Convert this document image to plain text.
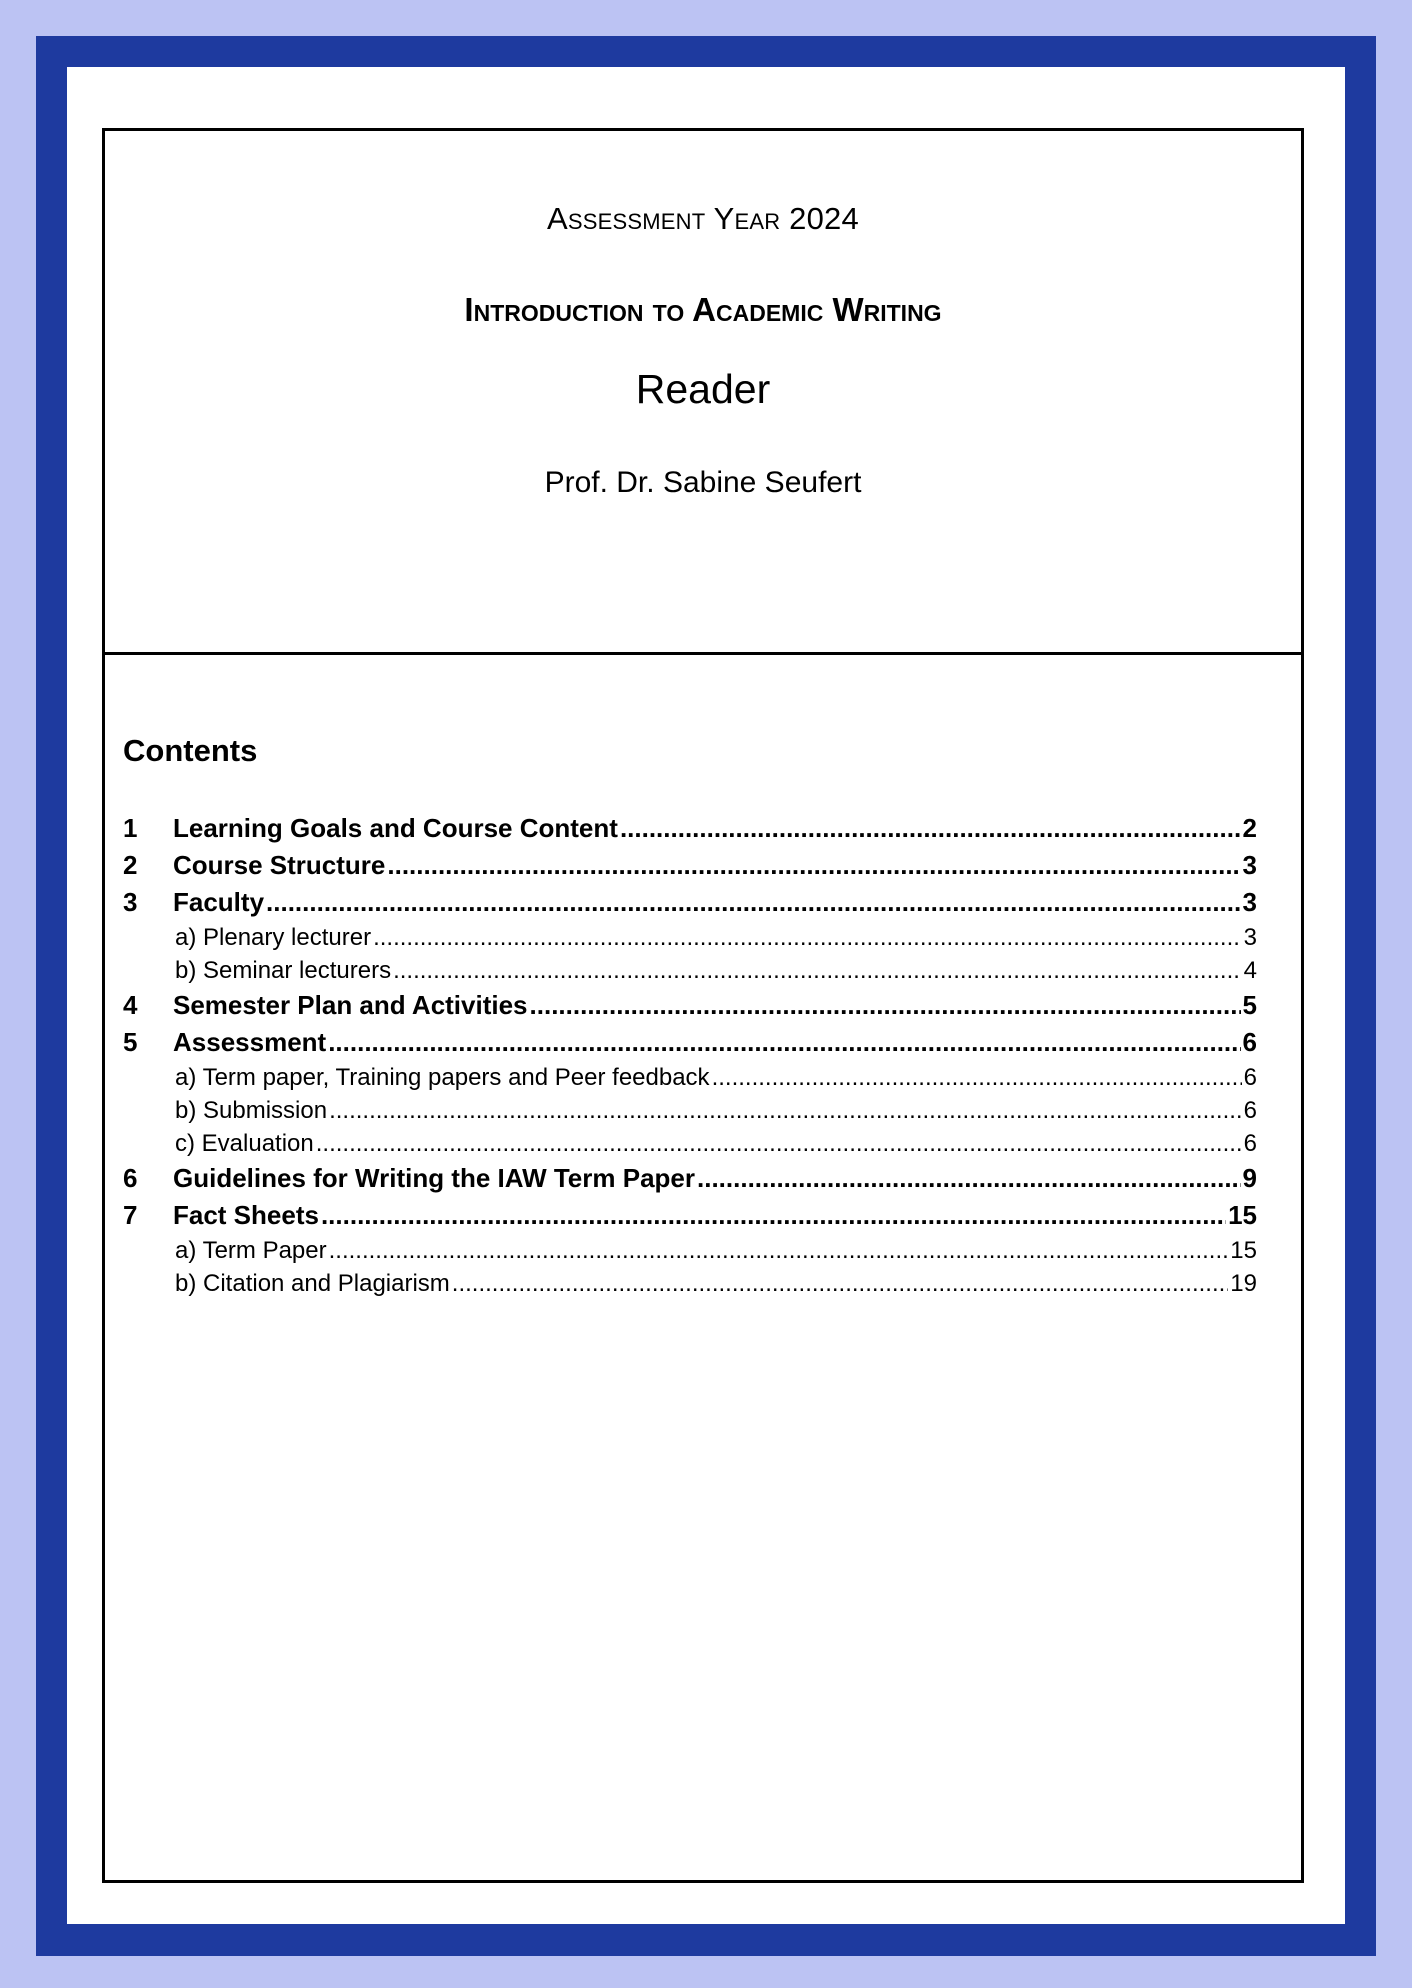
Assessment Year 2024
Introduction to Academic Writing
Reader
Prof. Dr. Sabine Seufert
Contents
1	Learning Goals and Course Content .....	2
2	Course Structure .....	3
3	Faculty .....	3
a) Plenary lecturer .....	3
b) Seminar lecturers .....	4
4	Semester Plan and Activities .....	5
5	Assessment .....	6
a) Term paper, Training papers and Peer feedback .....	6
b) Submission .....	6
c) Evaluation .....	6
6	Guidelines for Writing the IAW Term Paper .....	9
7	Fact Sheets .....	15
a) Term Paper .....	15
b) Citation and Plagiarism .....	19
